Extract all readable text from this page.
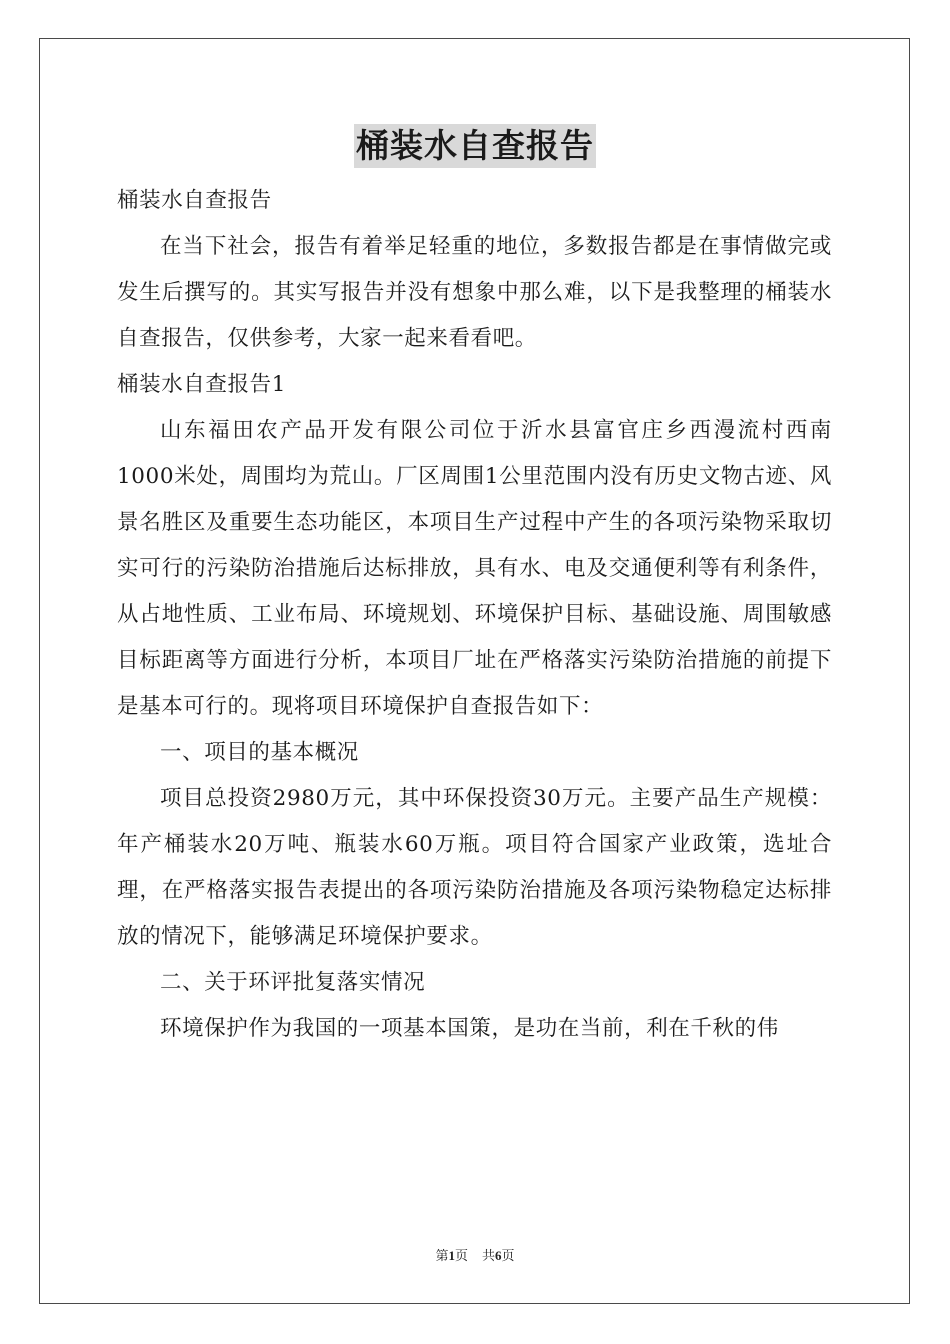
桶装水自查报告

桶装水自查报告

在当下社会，报告有着举足轻重的地位，多数报告都是在事情做完或发生后撰写的。其实写报告并没有想象中那么难，以下是我整理的桶装水自查报告，仅供参考，大家一起来看看吧。

桶装水自查报告1

山东福田农产品开发有限公司位于沂水县富官庄乡西漫流村西南1000米处，周围均为荒山。厂区周围1公里范围内没有历史文物古迹、风景名胜区及重要生态功能区，本项目生产过程中产生的各项污染物采取切实可行的污染防治措施后达标排放，具有水、电及交通便利等有利条件，从占地性质、工业布局、环境规划、环境保护目标、基础设施、周围敏感目标距离等方面进行分析，本项目厂址在严格落实污染防治措施的前提下是基本可行的。现将项目环境保护自查报告如下：

一、项目的基本概况

项目总投资2980万元，其中环保投资30万元。主要产品生产规模：年产桶装水20万吨、瓶装水60万瓶。项目符合国家产业政策，选址合理，在严格落实报告表提出的各项污染防治措施及各项污染物稳定达标排放的情况下，能够满足环境保护要求。

二、关于环评批复落实情况

环境保护作为我国的一项基本国策，是功在当前，利在千秋的伟

第1页 共6页
